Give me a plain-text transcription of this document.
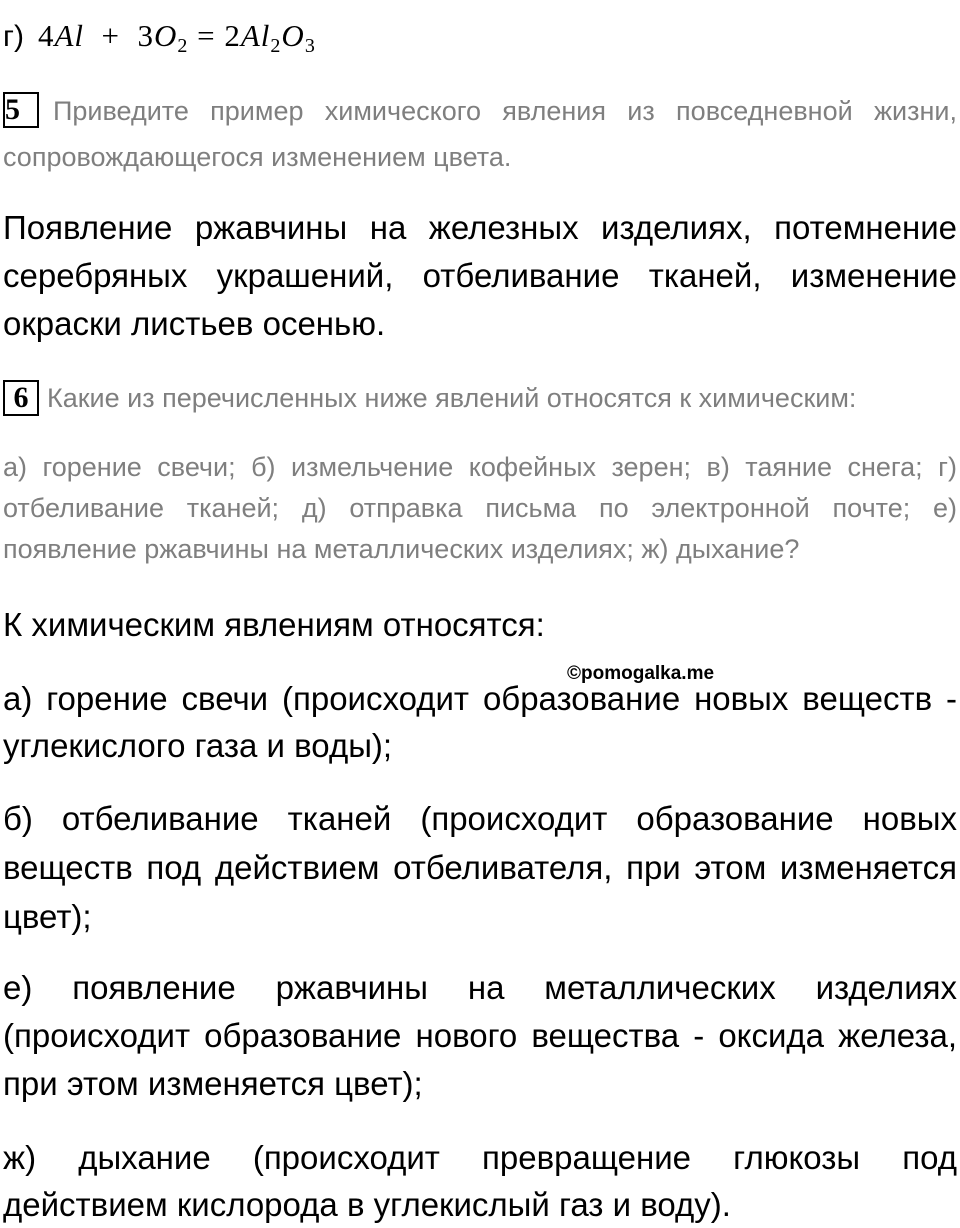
г) $4Al + 3O_2 = 2Al_2O_3$

5 Приведите пример химического явления из повседневной жизни, сопровождающегося изменением цвета.

Появление ржавчины на железных изделиях, потемнение серебряных украшений, отбеливание тканей, изменение окраски листьев осенью.

6 Какие из перечисленных ниже явлений относятся к химическим:

а) горение свечи; б) измельчение кофейных зерен; в) таяние снега; г) отбеливание тканей; д) отправка письма по электронной почте; е) появление ржавчины на металлических изделиях; ж) дыхание?

К химическим явлениям относятся:

©pomogalka.me

а) горение свечи (происходит образование новых веществ - углекислого газа и воды);

б) отбеливание тканей (происходит образование новых веществ под действием отбеливателя, при этом изменяется цвет);

е) появление ржавчины на металлических изделиях (происходит образование нового вещества - оксида железа, при этом изменяется цвет);

ж) дыхание (происходит превращение глюкозы под действием кислорода в углекислый газ и воду).
